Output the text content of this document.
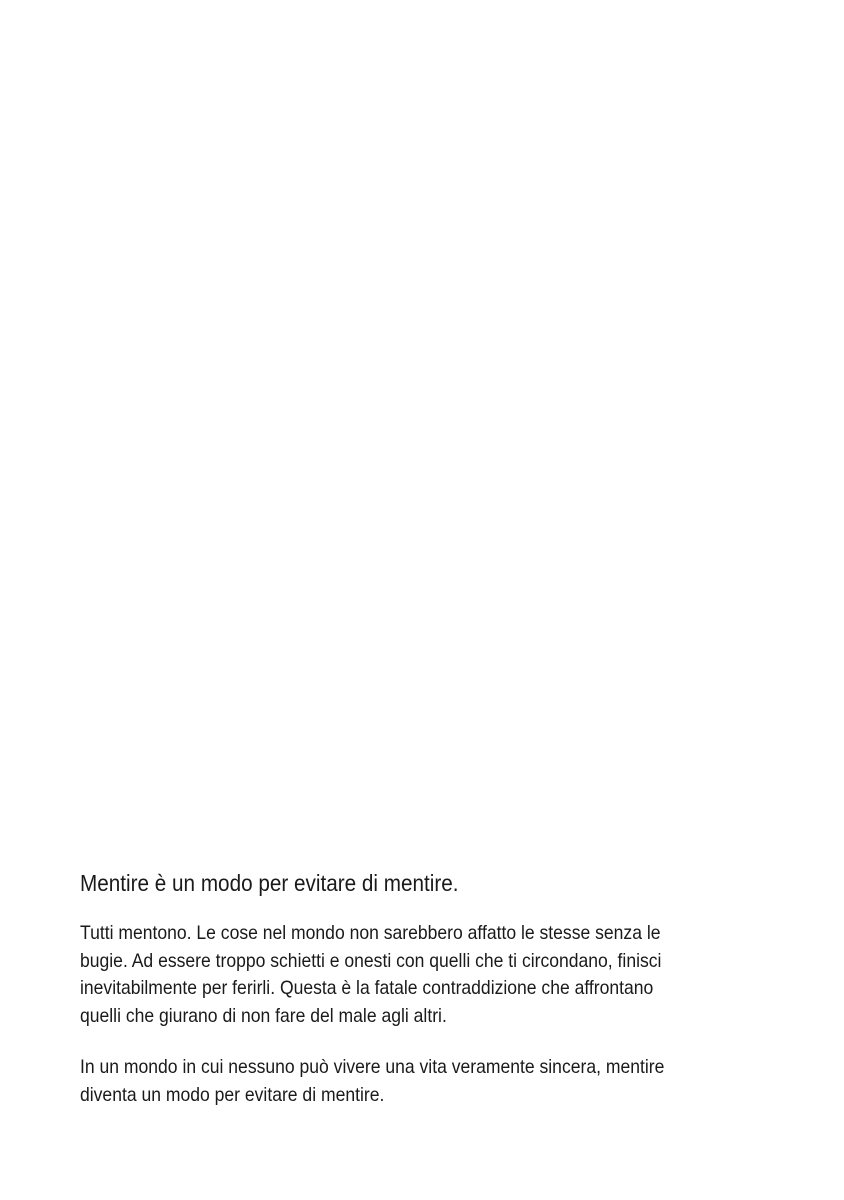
Mentire è un modo per evitare di mentire.

Tutti mentono. Le cose nel mondo non sarebbero affatto le stesse senza le
bugie. Ad essere troppo schietti e onesti con quelli che ti circondano, finisci
inevitabilmente per ferirli. Questa è la fatale contraddizione che affrontano
quelli che giurano di non fare del male agli altri.

In un mondo in cui nessuno può vivere una vita veramente sincera, mentire
diventa un modo per evitare di mentire.
